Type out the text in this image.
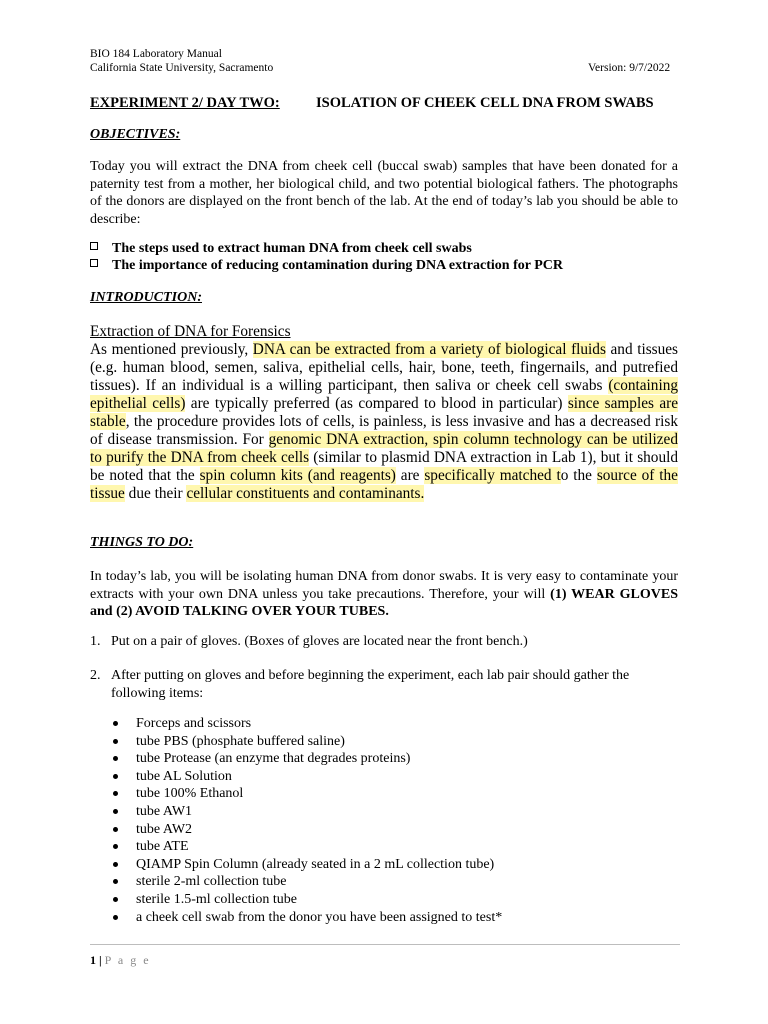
BIO 184 Laboratory Manual
California State University, Sacramento	Version: 9/7/2022
EXPERIMENT 2/ DAY TWO:	ISOLATION OF CHEEK CELL DNA FROM SWABS
OBJECTIVES:
Today you will extract the DNA from cheek cell (buccal swab) samples that have been donated for a paternity test from a mother, her biological child, and two potential biological fathers. The photographs of the donors are displayed on the front bench of the lab. At the end of today’s lab you should be able to describe:
The steps used to extract human DNA from cheek cell swabs
The importance of reducing contamination during DNA extraction for PCR
INTRODUCTION:
Extraction of DNA for Forensics
As mentioned previously, DNA can be extracted from a variety of biological fluids and tissues (e.g. human blood, semen, saliva, epithelial cells, hair, bone, teeth, fingernails, and putrefied tissues). If an individual is a willing participant, then saliva or cheek cell swabs (containing epithelial cells) are typically preferred (as compared to blood in particular) since samples are stable, the procedure provides lots of cells, is painless, is less invasive and has a decreased risk of disease transmission. For genomic DNA extraction, spin column technology can be utilized to purify the DNA from cheek cells (similar to plasmid DNA extraction in Lab 1), but it should be noted that the spin column kits (and reagents) are specifically matched to the source of the tissue due their cellular constituents and contaminants.
THINGS TO DO:
In today’s lab, you will be isolating human DNA from donor swabs. It is very easy to contaminate your extracts with your own DNA unless you take precautions. Therefore, your will (1) WEAR GLOVES and (2) AVOID TALKING OVER YOUR TUBES.
1. Put on a pair of gloves. (Boxes of gloves are located near the front bench.)
2. After putting on gloves and before beginning the experiment, each lab pair should gather the following items:
Forceps and scissors
tube PBS (phosphate buffered saline)
tube Protease (an enzyme that degrades proteins)
tube AL Solution
tube 100% Ethanol
tube AW1
tube AW2
tube ATE
QIAMP Spin Column (already seated in a 2 mL collection tube)
sterile 2-ml collection tube
sterile 1.5-ml collection tube
a cheek cell swab from the donor you have been assigned to test*
1 | P a g e
